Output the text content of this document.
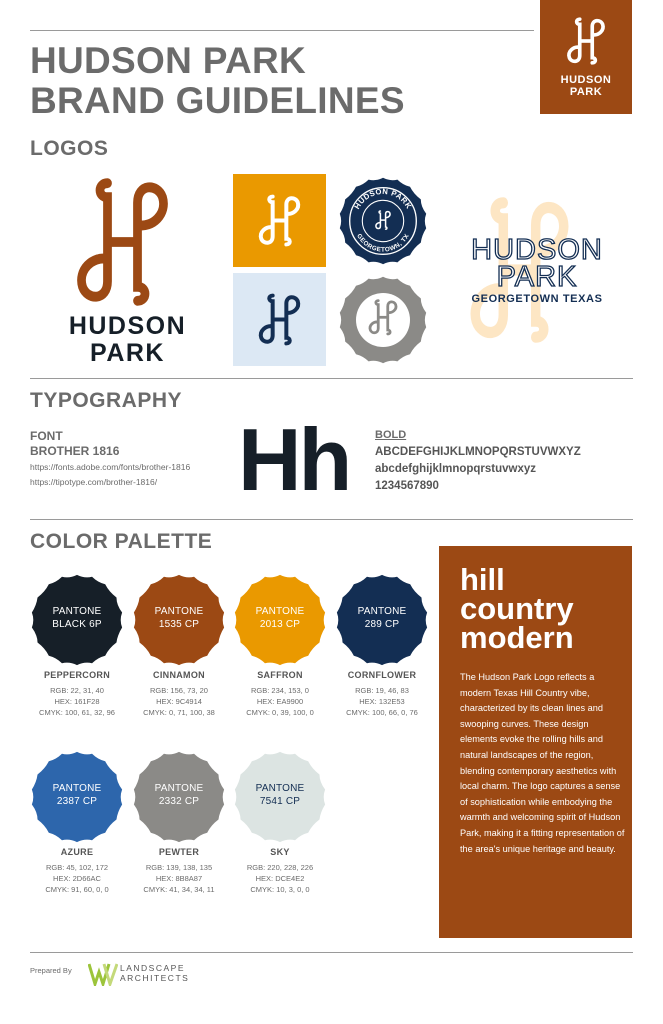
HUDSON PARK
BRAND GUIDELINES	HUDSON
PARK
LOGOS
HUDSON
PARK
HUDSON PARK
GEORGETOWN, TX	HUDSON
PARK
GEORGETOWN TEXAS
TYPOGRAPHY
FONT
BROTHER 1816
https://fonts.adobe.com/fonts/brother-1816
https://tipotype.com/brother-1816/ Hh BOLD
ABCDEFGHIJKLMNOPQRSTUVWXYZ
abcdefghijklmnopqrstuvwxyz
1234567890
COLOR PALETTE
PANTONE
BLACK 6P
PEPPERCORN
RGB: 22, 31, 40
HEX: 161F28
CMYK: 100, 61, 32, 96
PANTONE
1535 CP
CINNAMON
RGB: 156, 73, 20
HEX: 9C4914
CMYK: 0, 71, 100, 38
PANTONE
2013 CP
SAFFRON
RGB: 234, 153, 0
HEX: EA9900
CMYK: 0, 39, 100, 0
PANTONE
289 CP
CORNFLOWER
RGB: 19, 46, 83
HEX: 132E53
CMYK: 100, 66, 0, 76
PANTONE
2387 CP
AZURE
RGB: 45, 102, 172
HEX: 2D66AC
CMYK: 91, 60, 0, 0
PANTONE
2332 CP
PEWTER
RGB: 139, 138, 135
HEX: 8B8A87
CMYK: 41, 34, 34, 11
PANTONE
7541 CP
SKY
RGB: 220, 228, 226
HEX: DCE4E2
CMYK: 10, 3, 0, 0
hill
country
modern
The Hudson Park Logo reflects a modern Texas Hill Country vibe, characterized by its clean lines and swooping curves. These design elements evoke the rolling hills and natural landscapes of the region, blending contemporary aesthetics with local charm. The logo captures a sense of sophistication while embodying the warmth and welcoming spirit of Hudson Park, making it a fitting representation of the area's unique heritage and beauty.
Prepared By	LANDSCAPE
ARCHITECTS
